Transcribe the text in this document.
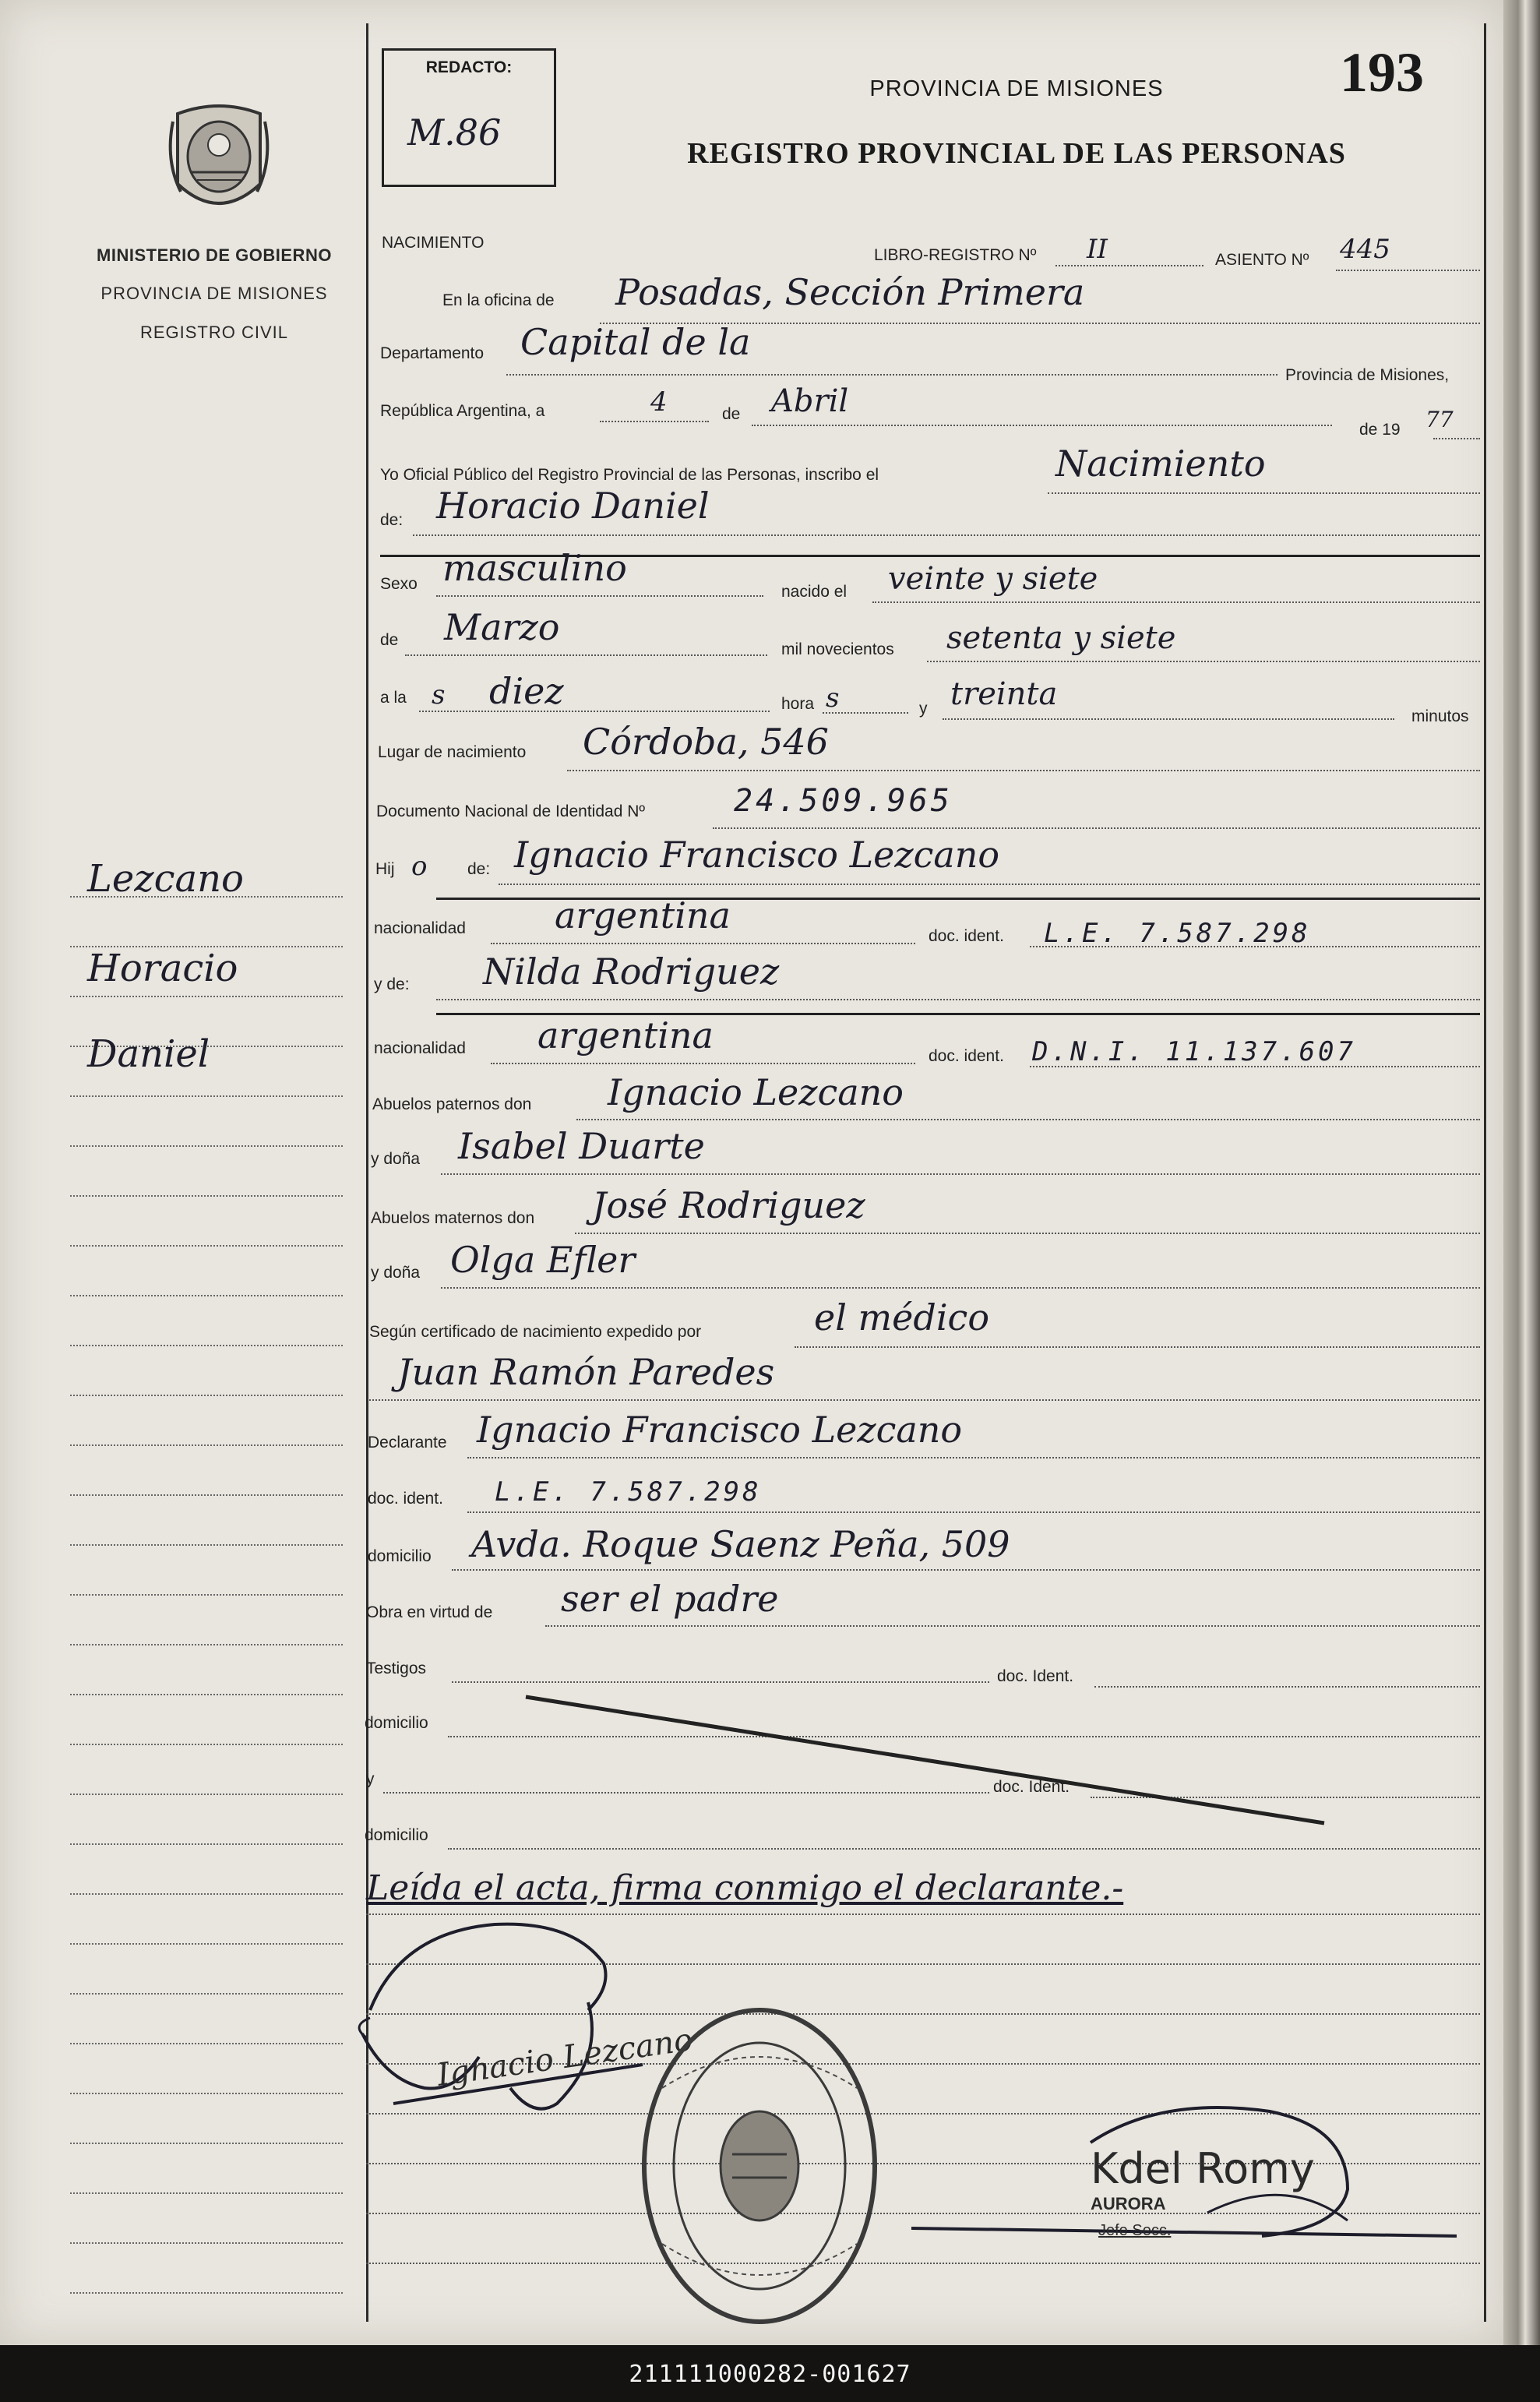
211111000282-001627
MINISTERIO DE GOBIERNO
PROVINCIA DE MISIONES
REGISTRO CIVIL
Lezcano
Horacio
Daniel
REDACTO:
M.86
PROVINCIA DE MISIONES
REGISTRO PROVINCIAL DE LAS PERSONAS
193
NACIMIENTO
LIBRO-REGISTRO Nº II	ASIENTO Nº 445
En la oficina de Posadas, Sección Primera
Departamento Capital de la
Provincia de Misiones,
República Argentina, a	4	de Abril
de 19 77
Yo Oficial Público del Registro Provincial de las Personas, inscribo el	Nacimiento
de: Horacio Daniel
Sexo masculino
nacido el veinte y siete
de Marzo
mil novecientos setenta y siete
a la s diez	hora s	y treinta
minutos
Lugar de nacimiento Córdoba, 546
Documento Nacional de Identidad Nº	24.509.965
Hij o de: Ignacio Francisco Lezcano
nacionalidad argentina	doc. ident. L.E. 7.587.298
y de: Nilda Rodriguez
nacionalidad argentina	doc. ident. D.N.I. 11.137.607
Abuelos paternos don Ignacio Lezcano
y doña Isabel Duarte
Abuelos maternos don José Rodriguez
y doña Olga Efler
Según certificado de nacimiento expedido por	el médico
Juan Ramón Paredes
Declarante Ignacio Francisco Lezcano
doc. ident. L.E. 7.587.298
domicilio Avda. Roque Saenz Peña, 509
Obra en virtud de ser el padre
Testigos	doc. Ident.
domicilio
y	doc. Ident.
domicilio
Leída el acta, firma conmigo el declarante.-
Ignacio Lezcano
Kdel Romy
AURORA
Jefe Secc.
